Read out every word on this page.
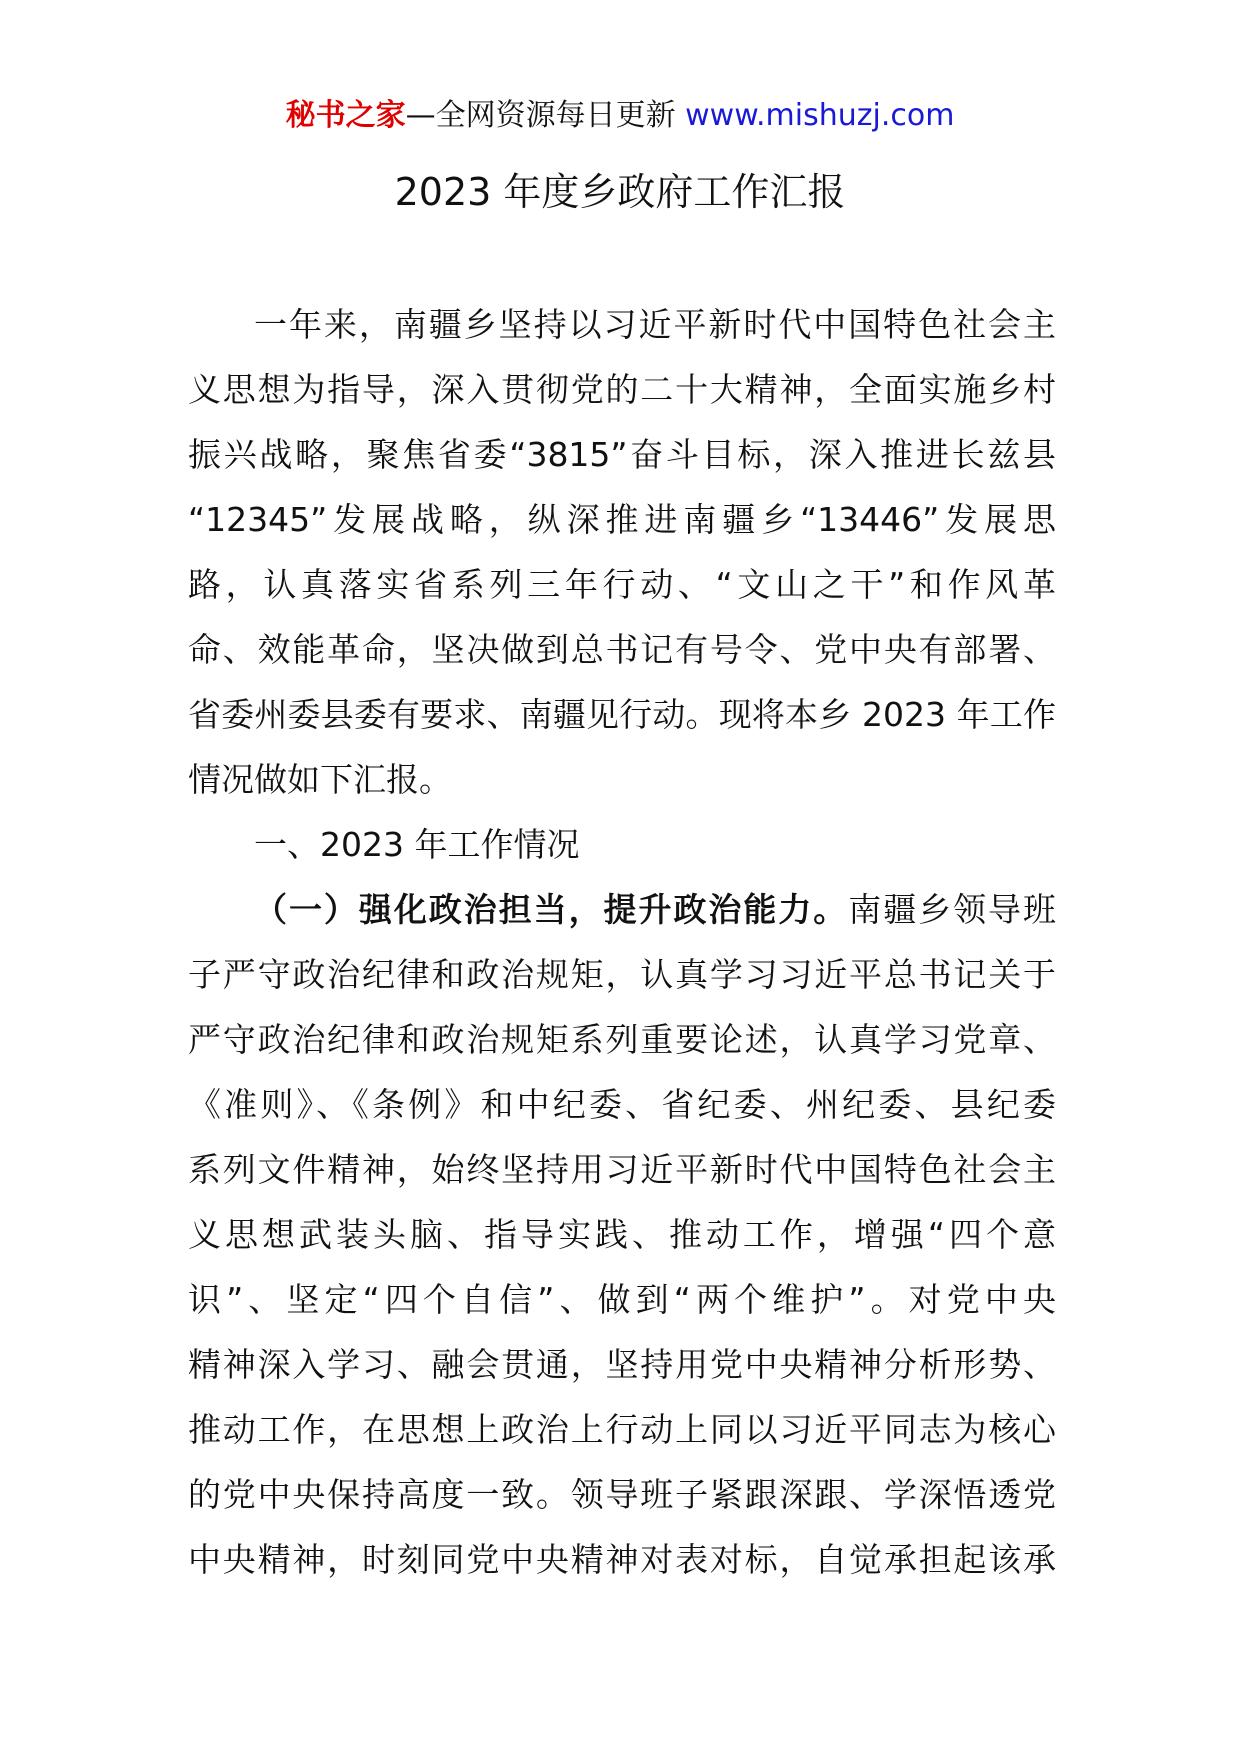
秘书之家—全网资源每日更新 www.mishuzj.com
2023 年度乡政府工作汇报
一年来，南疆乡坚持以习近平新时代中国特色社会主
义思想为指导，深入贯彻党的二十大精神，全面实施乡村
振兴战略，聚焦省委“3815”奋斗目标，深入推进长兹县
“12345”发展战略，纵深推进南疆乡“13446”发展思
路，认真落实省系列三年行动、“文山之干”和作风革
命、效能革命，坚决做到总书记有号令、党中央有部署、
省委州委县委有要求、南疆见行动。现将本乡 2023 年工作
情况做如下汇报。
一、2023 年工作情况
（一）强化政治担当，提升政治能力。南疆乡领导班
子严守政治纪律和政治规矩，认真学习习近平总书记关于
严守政治纪律和政治规矩系列重要论述，认真学习党章、
《准则》、《条例》和中纪委、省纪委、州纪委、县纪委
系列文件精神，始终坚持用习近平新时代中国特色社会主
义思想武装头脑、指导实践、推动工作，增强“四个意
识”、坚定“四个自信”、做到“两个维护”。对党中央
精神深入学习、融会贯通，坚持用党中央精神分析形势、
推动工作，在思想上政治上行动上同以习近平同志为核心
的党中央保持高度一致。领导班子紧跟深跟、学深悟透党
中央精神，时刻同党中央精神对表对标，自觉承担起该承
